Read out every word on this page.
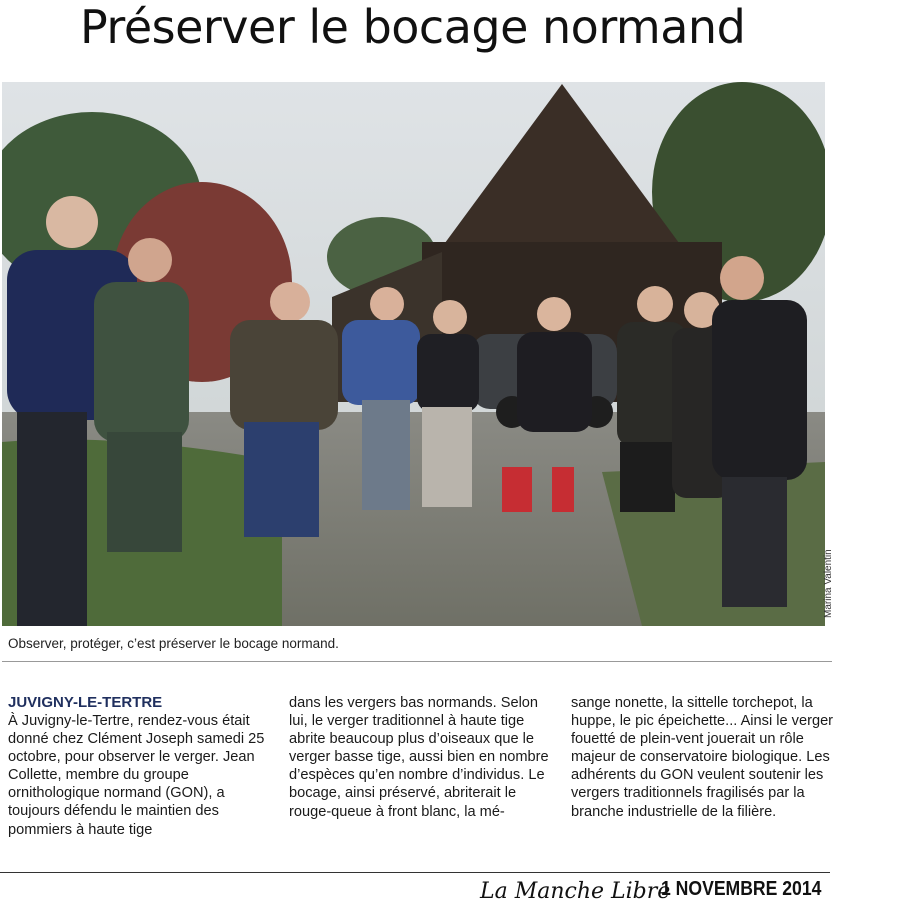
Préserver le bocage normand
Marina Valentin
Observer, protéger, c’est préserver le bocage normand.
JUVIGNY-LE-TERTRE

À Juvigny-le-Tertre, rendez-vous était donné chez Clément Joseph samedi 25 octobre, pour observer le verger. Jean Collette, membre du groupe ornithologique normand (GON), a toujours défendu le maintien des pommiers à haute tige

dans les vergers bas normands. Selon lui, le verger traditionnel à haute tige abrite beaucoup plus d’oiseaux que le verger basse tige, aussi bien en nombre d’espèces qu’en nombre d’individus. Le bocage, ainsi préservé, abriterait le rouge-queue à front blanc, la mé-

sange nonette, la sittelle torchepot, la huppe, le pic épeichette... Ainsi le verger fouetté de plein-vent jouerait un rôle majeur de conservatoire biologique. Les adhérents du GON veulent soutenir les vergers traditionnels fragilisés par la branche industrielle de la filière.

La Manche Libre
1 NOVEMBRE 2014
